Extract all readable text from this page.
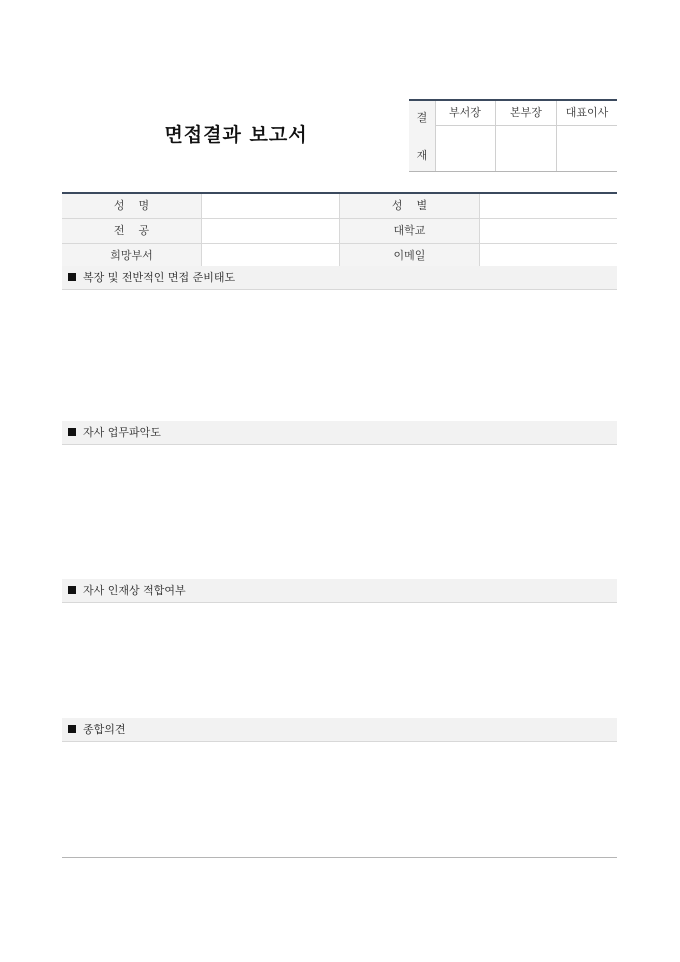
면접결과 보고서
결
재
부서장	본부장	대표이사
성    명	성    별
전    공	대학교
희망부서	이메일
복장 및 전반적인 면접 준비태도
자사 업무파악도
자사 인재상 적합여부
종합의견
